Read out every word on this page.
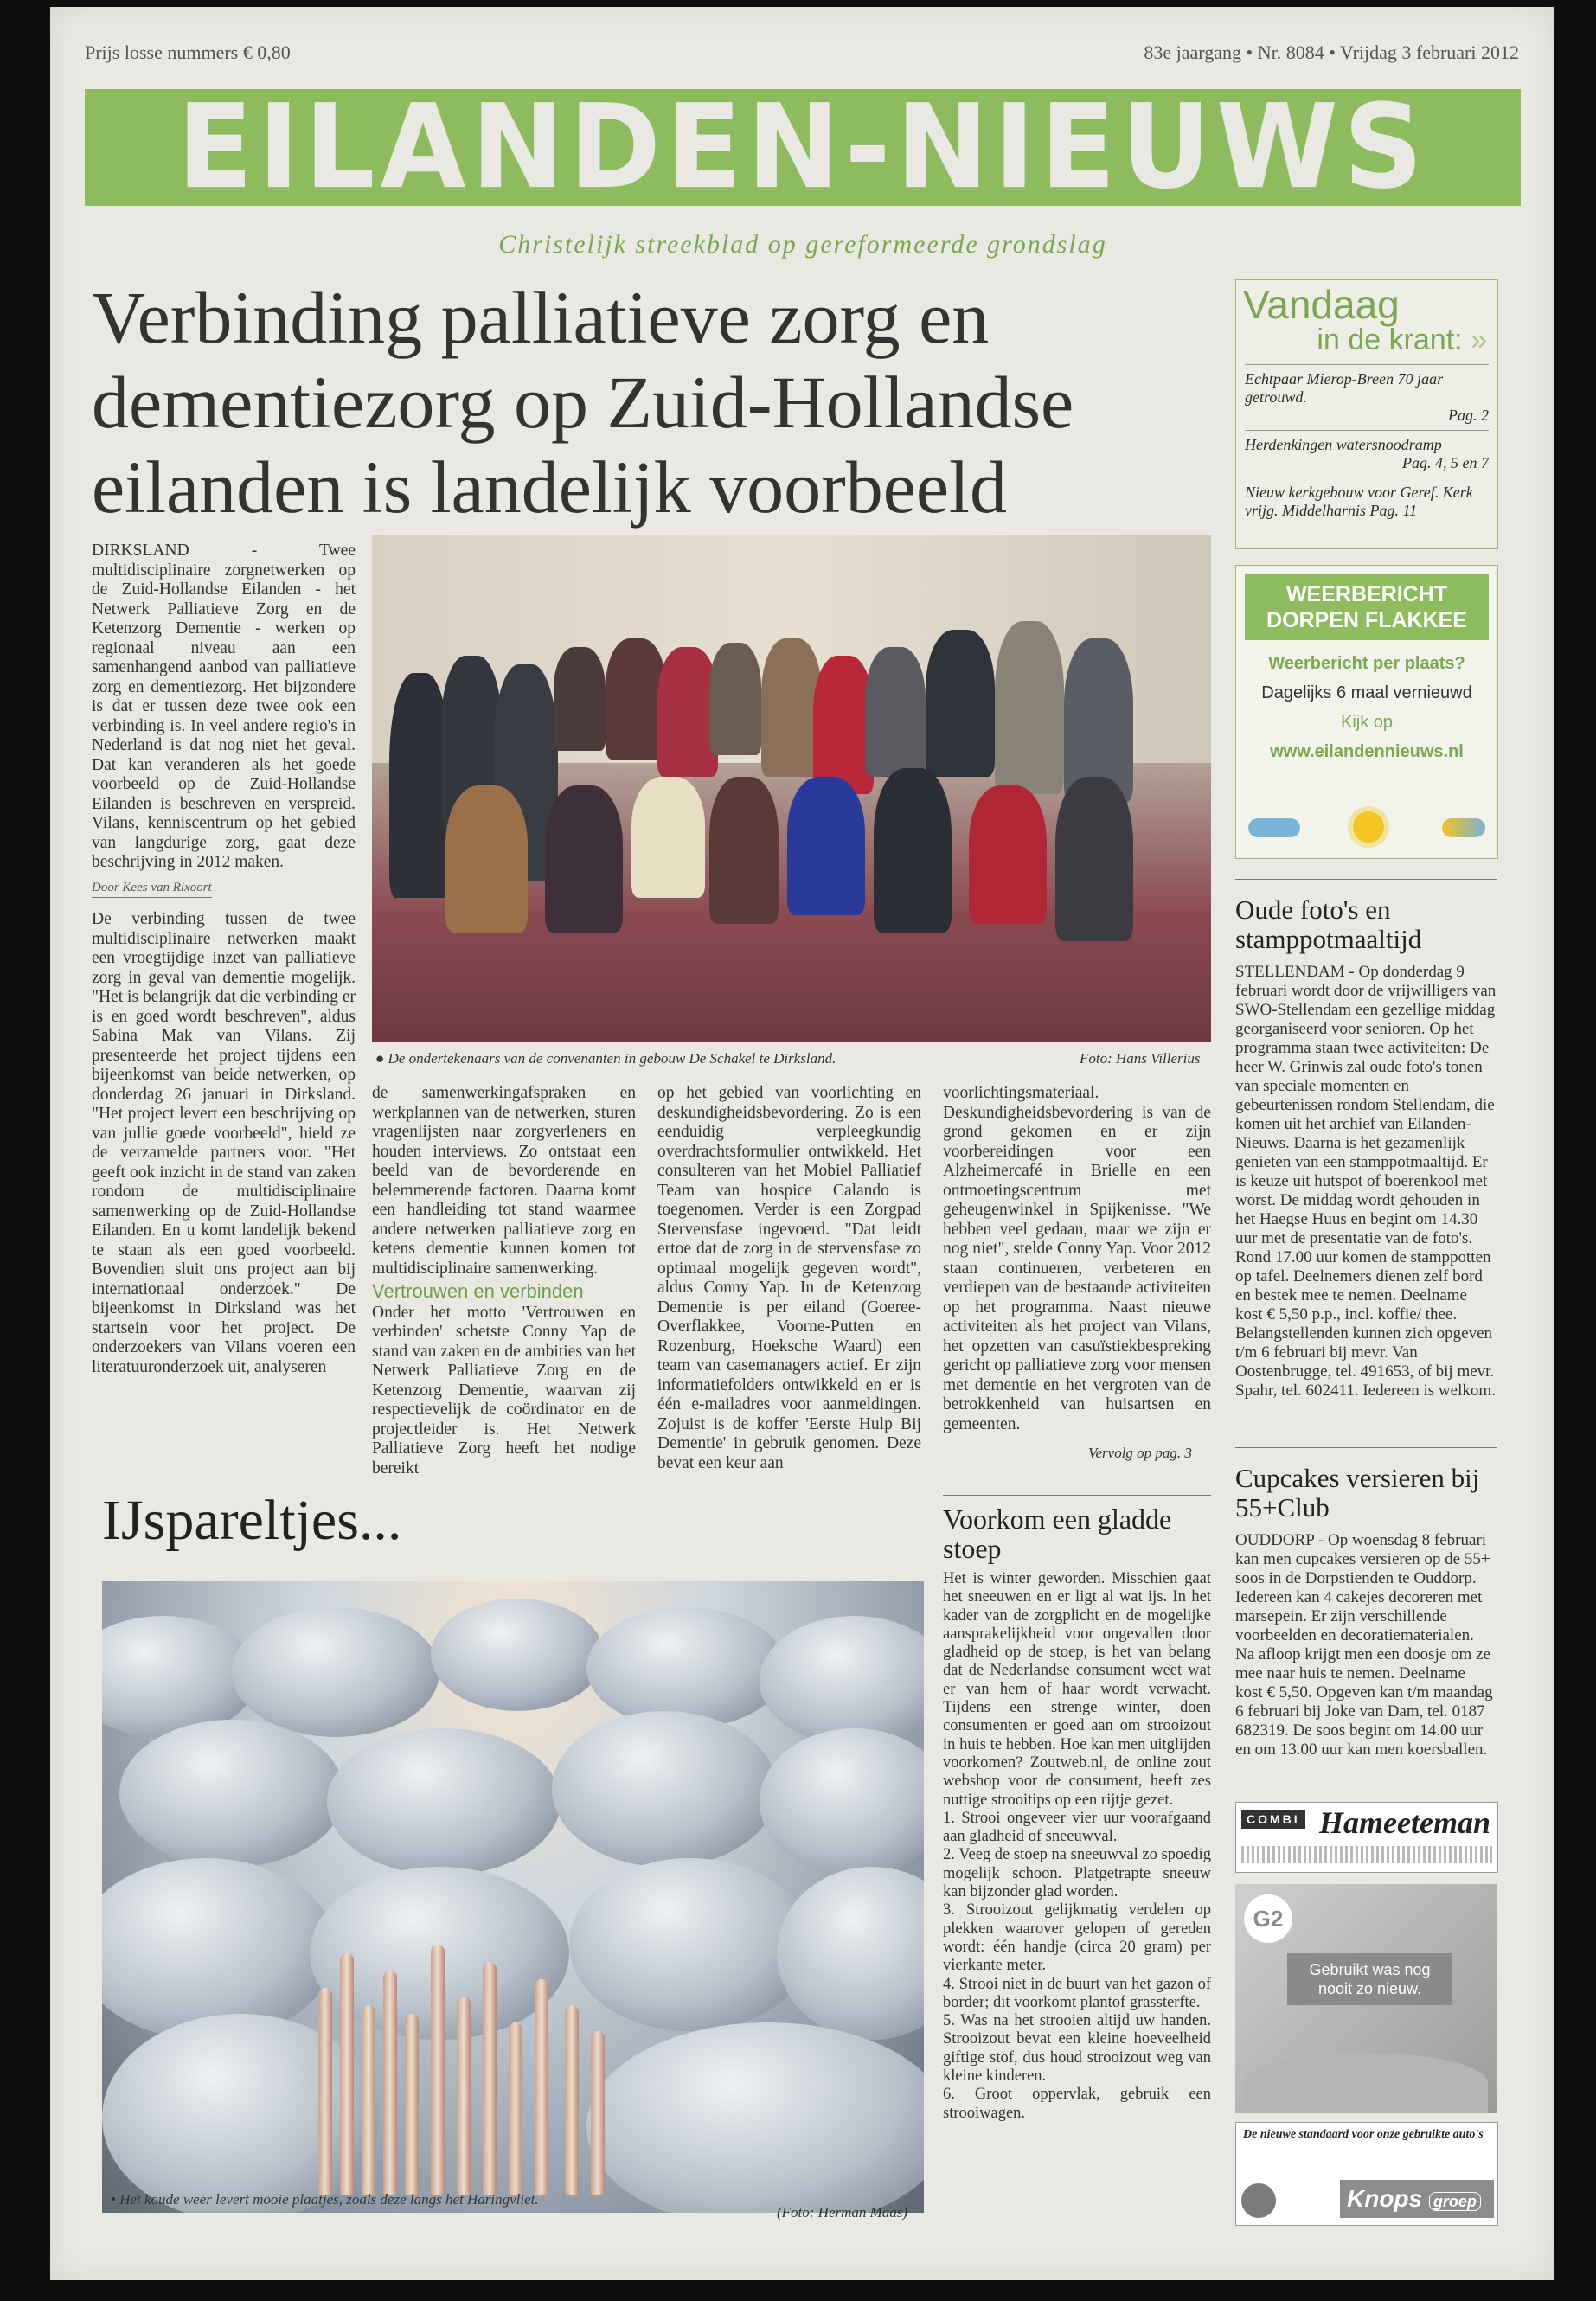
Prijs losse nummers € 0,80	83e jaargang • Nr. 8084 • Vrijdag 3 februari 2012
EILANDEN-NIEUWS
Christelijk streekblad op gereformeerde grondslag
Verbinding palliatieve zorg en dementiezorg op Zuid-Hollandse eilanden is landelijk voorbeeld

DIRKSLAND - Twee multidisciplinaire zorgnetwerken op de Zuid-Hollandse Eilanden - het Netwerk Palliatieve Zorg en de Ketenzorg Dementie - werken op regionaal niveau aan een samenhangend aanbod van palliatieve zorg en dementiezorg. Het bijzondere is dat er tussen deze twee ook een verbinding is. In veel andere regio's in Nederland is dat nog niet het geval. Dat kan veranderen als het goede voorbeeld op de Zuid-Hollandse Eilanden is beschreven en verspreid. Vilans, kenniscentrum op het gebied van langdurige zorg, gaat deze beschrijving in 2012 maken.

Door Kees van Rixoort

De verbinding tussen de twee multidisciplinaire netwerken maakt een vroegtijdige inzet van palliatieve zorg in geval van dementie mogelijk. "Het is belangrijk dat die verbinding er is en goed wordt beschreven", aldus Sabina Mak van Vilans. Zij presenteerde het project tijdens een bijeenkomst van beide netwerken, op donderdag 26 januari in Dirksland. "Het project levert een beschrijving op van jullie goede voorbeeld", hield ze de verzamelde partners voor. "Het geeft ook inzicht in de stand van zaken rondom de multidisciplinaire samenwerking op de Zuid-Hollandse Eilanden. En u komt landelijk bekend te staan als een goed voorbeeld. Bovendien sluit ons project aan bij internationaal onderzoek." De bijeenkomst in Dirksland was het startsein voor het project. De onderzoekers van Vilans voeren een literatuuronderzoek uit, analyseren

● De ondertekenaars van de convenanten in gebouw De Schakel te Dirksland.	Foto: Hans Villerius

de samenwerkingafspraken en werkplannen van de netwerken, sturen vragenlijsten naar zorgverleners en houden interviews. Zo ontstaat een beeld van de bevorderende en belemmerende factoren. Daarna komt een handleiding tot stand waarmee andere netwerken palliatieve zorg en ketens dementie kunnen komen tot multidisciplinaire samenwerking.

Vertrouwen en verbinden

Onder het motto 'Vertrouwen en verbinden' schetste Conny Yap de stand van zaken en de ambities van het Netwerk Palliatieve Zorg en de Ketenzorg Dementie, waarvan zij respectievelijk de coördinator en de projectleider is. Het Netwerk Palliatieve Zorg heeft het nodige bereikt

op het gebied van voorlichting en deskundigheidsbevordering. Zo is een eenduidig verpleegkundig overdrachtsformulier ontwikkeld. Het consulteren van het Mobiel Palliatief Team van hospice Calando is toegenomen. Verder is een Zorgpad Stervensfase ingevoerd. "Dat leidt ertoe dat de zorg in de stervensfase zo optimaal mogelijk gegeven wordt", aldus Conny Yap. In de Ketenzorg Dementie is per eiland (Goeree-Overflakkee, Voorne-Putten en Rozenburg, Hoeksche Waard) een team van casemanagers actief. Er zijn informatiefolders ontwikkeld en er is één e-mailadres voor aanmeldingen. Zojuist is de koffer 'Eerste Hulp Bij Dementie' in gebruik genomen. Deze bevat een keur aan
voorlichtingsmateriaal. Deskundigheidsbevordering is van de grond gekomen en er zijn voorbereidingen voor een Alzheimercafé in Brielle en een ontmoetingscentrum met geheugenwinkel in Spijkenisse. "We hebben veel gedaan, maar we zijn er nog niet", stelde Conny Yap. Voor 2012 staan continueren, verbeteren en verdiepen van de bestaande activiteiten op het programma. Naast nieuwe activiteiten als het project van Vilans, het opzetten van casuïstiekbespreking gericht op palliatieve zorg voor mensen met dementie en het vergroten van de betrokkenheid van huisartsen en gemeenten.
Vervolg op pag. 3
Vandaag
in de krant: »
Echtpaar Mierop-Breen 70 jaar getrouwd.
Pag. 2
Herdenkingen watersnoodramp
Pag. 4, 5 en 7
Nieuw kerkgebouw voor Geref. Kerk vrijg. Middelharnis Pag. 11
WEERBERICHT
DORPEN FLAKKEE
Weerbericht per plaats?
Dagelijks 6 maal vernieuwd
Kijk op
www.eilandennieuws.nl
Oude foto's en stamppotmaaltijd
STELLENDAM - Op donderdag 9 februari wordt door de vrijwilligers van SWO-Stellendam een gezellige middag georganiseerd voor senioren. Op het programma staan twee activiteiten: De heer W. Grinwis zal oude foto's tonen van speciale momenten en gebeurtenissen rondom Stellendam, die komen uit het archief van Eilanden-Nieuws. Daarna is het gezamenlijk genieten van een stamppotmaaltijd. Er is keuze uit hutspot of boerenkool met worst. De middag wordt gehouden in het Haegse Huus en begint om 14.30 uur met de presentatie van de foto's. Rond 17.00 uur komen de stamppotten op tafel. Deelnemers dienen zelf bord en bestek mee te nemen. Deelname kost € 5,50 p.p., incl. koffie/ thee. Belangstellenden kunnen zich opgeven t/m 6 februari bij mevr. Van Oostenbrugge, tel. 491653, of bij mevr. Spahr, tel. 602411. Iedereen is welkom.
Cupcakes versieren bij 55+Club
OUDDORP - Op woensdag 8 februari kan men cupcakes versieren op de 55+ soos in de Dorpstienden te Ouddorp. Iedereen kan 4 cakejes decoreren met marsepein. Er zijn verschillende voorbeelden en decoratiematerialen. Na afloop krijgt men een doosje om ze mee naar huis te nemen. Deelname kost € 5,50. Opgeven kan t/m maandag 6 februari bij Joke van Dam, tel. 0187 682319. De soos begint om 14.00 uur en om 13.00 uur kan men koersballen.
COMBI Hameeteman
G2
Gebruikt was nog nooit zo nieuw.
De nieuwe standaard voor onze gebruikte auto's
Knops groep
IJspareltjes...
• Het koude weer levert mooie plaatjes, zoals deze langs het Haringvliet.
(Foto: Herman Maas)
Voorkom een gladde stoep

Het is winter geworden. Misschien gaat het sneeuwen en er ligt al wat ijs. In het kader van de zorgplicht en de mogelijke aansprakelijkheid voor ongevallen door gladheid op de stoep, is het van belang dat de Nederlandse consument weet wat er van hem of haar wordt verwacht. Tijdens een strenge winter, doen consumenten er goed aan om strooizout in huis te hebben. Hoe kan men uitglijden voorkomen? Zoutweb.nl, de online zout webshop voor de consument, heeft zes nuttige strooitips op een rijtje gezet.

1. Strooi ongeveer vier uur voorafgaand aan gladheid of sneeuwval.

2. Veeg de stoep na sneeuwval zo spoedig mogelijk schoon. Platgetrapte sneeuw kan bijzonder glad worden.

3. Strooizout gelijkmatig verdelen op plekken waarover gelopen of gereden wordt: één handje (circa 20 gram) per vierkante meter.

4. Strooi niet in de buurt van het gazon of border; dit voorkomt plantof grassterfte.

5. Was na het strooien altijd uw handen. Strooizout bevat een kleine hoeveelheid giftige stof, dus houd strooizout weg van kleine kinderen.

6. Groot oppervlak, gebruik een strooiwagen.
